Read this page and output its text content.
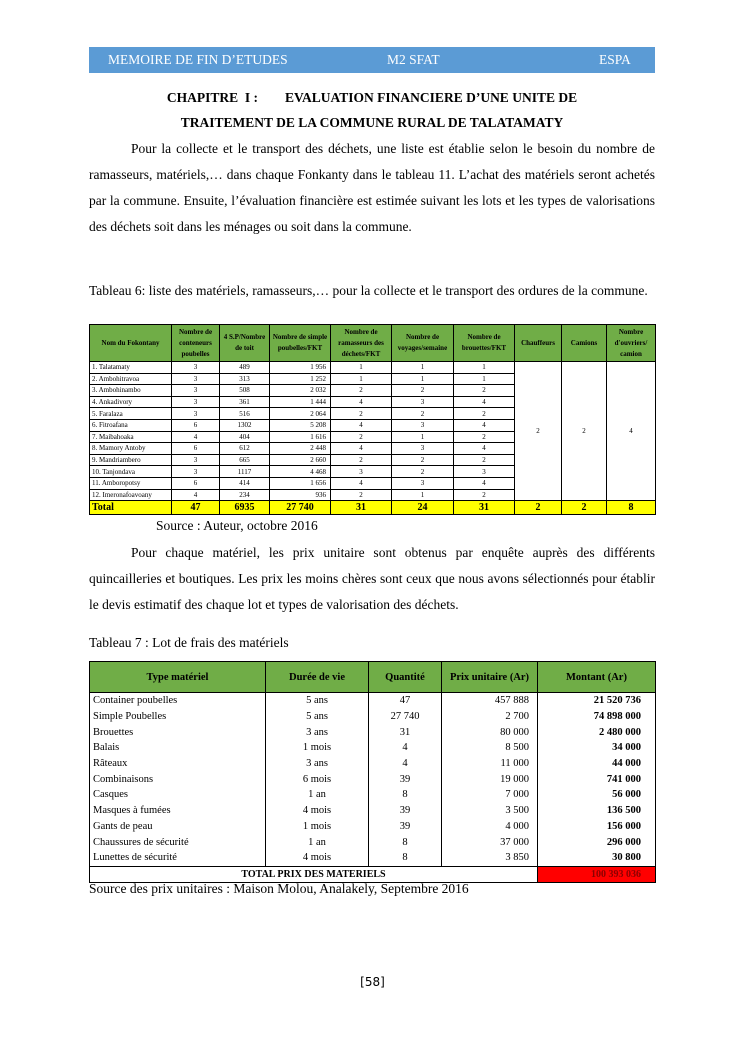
MEMOIRE DE FIN D’ETUDES	M2 SFAT	ESPA
CHAPITRE  I :        EVALUATION FINANCIERE D’UNE UNITE DE
TRAITEMENT DE LA COMMUNE RURAL DE TALATAMATY
Pour la collecte et le transport des déchets, une liste est établie selon le besoin du nombre de ramasseurs, matériels,… dans chaque Fonkanty dans le tableau 11. L’achat des matériels seront achetés par la commune. Ensuite, l’évaluation financière est estimée suivant les lots et les types de valorisations des déchets soit dans les ménages ou soit dans la commune.
Tableau 6: liste des matériels, ramasseurs,… pour la collecte et le transport des ordures de la commune.
Nom du Fokontany	Nombre de conteneurs poubelles	4 S.P/Nombre de toit	Nombre de simple poubelles/FKT	Nombre de ramasseurs des déchets/FKT	Nombre de voyages/semaine	Nombre de brouettes/FKT	Chauffeurs	Camions	Nombre d'ouvriers/ camion
1. Talatamaty	3	489	1 956	1	1	1	2	2	4
2. Ambohitravoa	3	313	1 252	1	1	1			
3. Ambohinambo	3	508	2 032	2	2	2			
4. Ankadivory	3	361	1 444	4	3	4			
5. Faralaza	3	516	2 064	2	2	2			
6. Fitroafana	6	1302	5 208	4	3	4			
7. Maibahoaka	4	404	1 616	2	1	2			
8. Mamory Antoby	6	612	2 448	4	3	4			
9. Mandriambero	3	665	2 660	2	2	2			
10. Tanjondava	3	1117	4 468	3	2	3			
11. Amboropotsy	6	414	1 656	4	3	4			
12. Imeronafoavoany	4	234	936	2	1	2			
Total	47	6935	27 740	31	24	31	2	2	8
Source : Auteur, octobre 2016
Pour chaque matériel, les prix unitaire sont obtenus par enquête auprès des différents quincailleries et boutiques. Les prix les moins chères sont ceux que nous avons sélectionnés pour établir le devis estimatif des chaque lot et types de valorisation des déchets.
Tableau 7 : Lot de frais des matériels
Type matériel	Durée de vie	Quantité	Prix unitaire (Ar)	Montant (Ar)
Container poubelles	5 ans	47	457 888	21 520 736
Simple Poubelles	5 ans	27 740	2 700	74 898 000
Brouettes	3 ans	31	80 000	2 480 000
Balais	1 mois	4	8 500	34 000
Râteaux	3 ans	4	11 000	44 000
Combinaisons	6 mois	39	19 000	741 000
Casques	1 an	8	7 000	56 000
Masques à fumées	4 mois	39	3 500	136 500
Gants de peau	1 mois	39	4 000	156 000
Chaussures de sécurité	1 an	8	37 000	296 000
Lunettes de sécurité	4 mois	8	3 850	30 800
TOTAL PRIX DES MATERIELS				100 393 036
Source des prix unitaires : Maison Molou, Analakely, Septembre 2016
[58]
